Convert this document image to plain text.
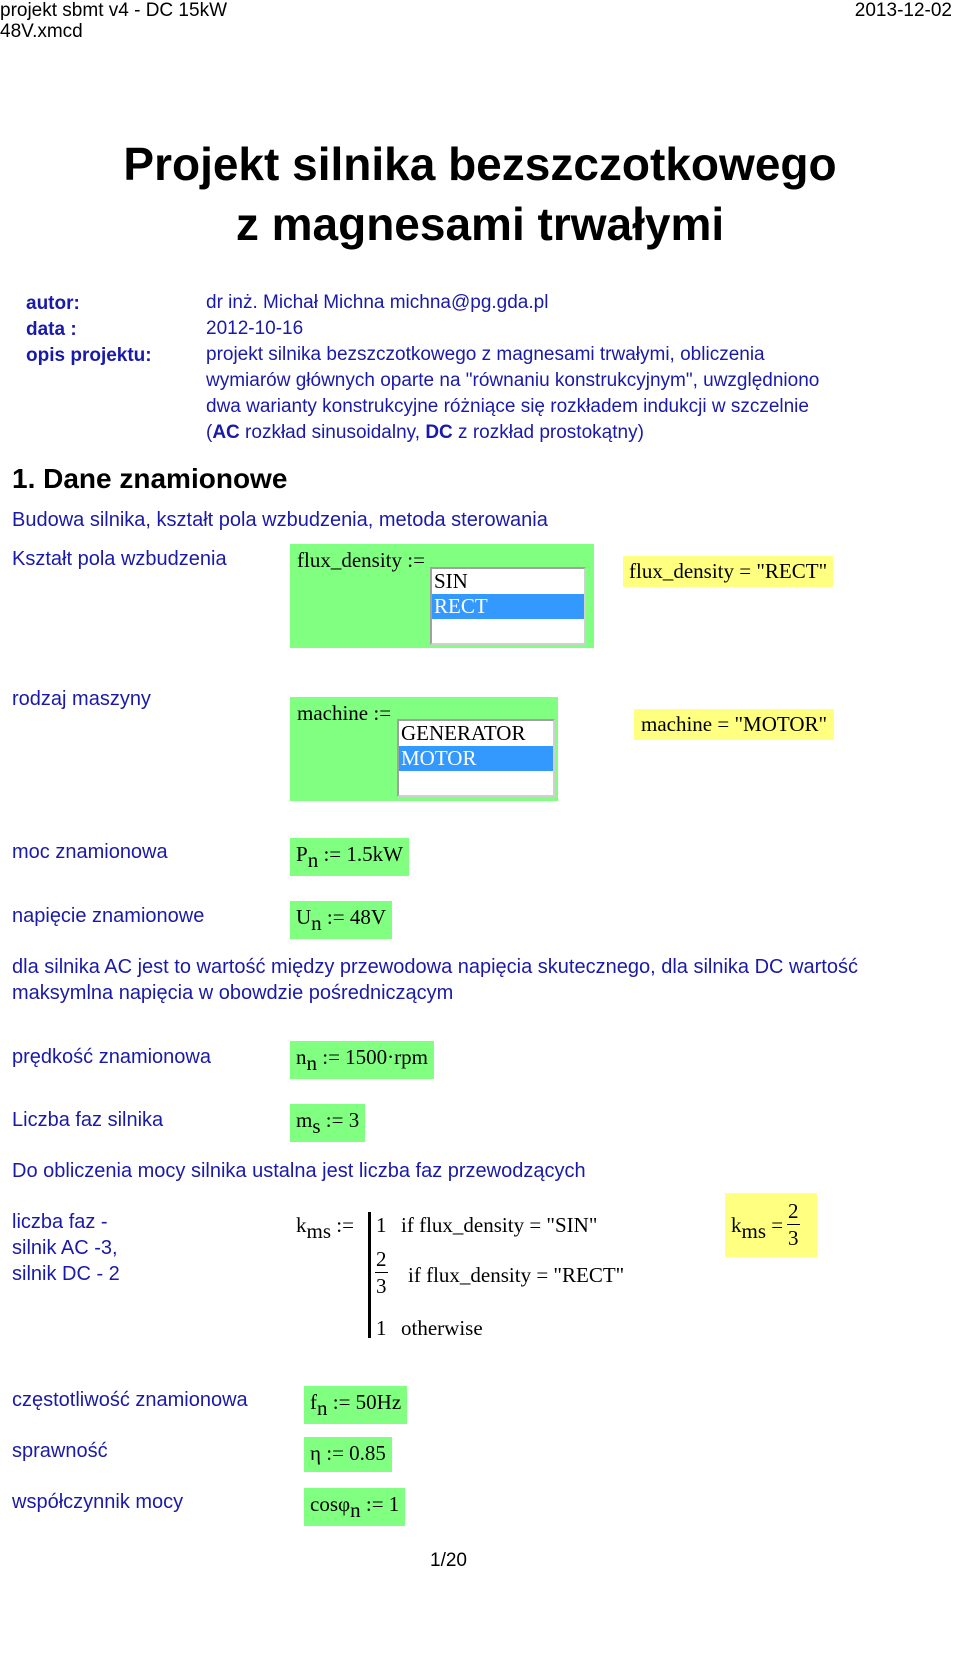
projekt sbmt v4 - DC 15kW
48V.xmcd
2013-12-02
Projekt silnika bezszczotkowego
z magnesami trwałymi
autor:	dr inż. Michał Michna michna@pg.gda.pl
data :	2012-10-16
opis projektu:	projekt silnika bezszczotkowego z magnesami trwałymi, obliczenia
wymiarów głównych oparte na "równaniu konstrukcyjnym", uwzględniono
dwa warianty konstrukcyjne różniące się rozkładem indukcji w szczelnie
(AC rozkład sinusoidalny, DC z rozkład prostokątny)
1. Dane znamionowe
Budowa silnika, kształt pola wzbudzenia, metoda sterowania
Kształt pola wzbudzenia	flux_density :=
SIN
RECT
flux_density = "RECT"
rodzaj maszyny
machine :=
GENERATOR
MOTOR
machine = "MOTOR"
moc znamionowa	Pn := 1.5kW
napięcie znamionowe	Un := 48V
dla silnika AC jest to wartość między przewodowa napięcia skutecznego, dla silnika DC wartość
maksymlna napięcia w obowdzie pośredniczącym
prędkość znamionowa	nn := 1500·rpm
Liczba faz silnika	ms := 3
Do obliczenia mocy silnika ustalna jest liczba faz przewodzących
liczba faz -
silnik AC -3,
silnik DC - 2
kms := 1 if flux_density = "SIN"
$\frac{2}{3}$ if flux_density = "RECT"
1 otherwise
kms = $\frac{2}{3}$
częstotliwość znamionowa	fn := 50Hz
sprawność	η := 0.85
współczynnik mocy	cosφn := 1
1/20
